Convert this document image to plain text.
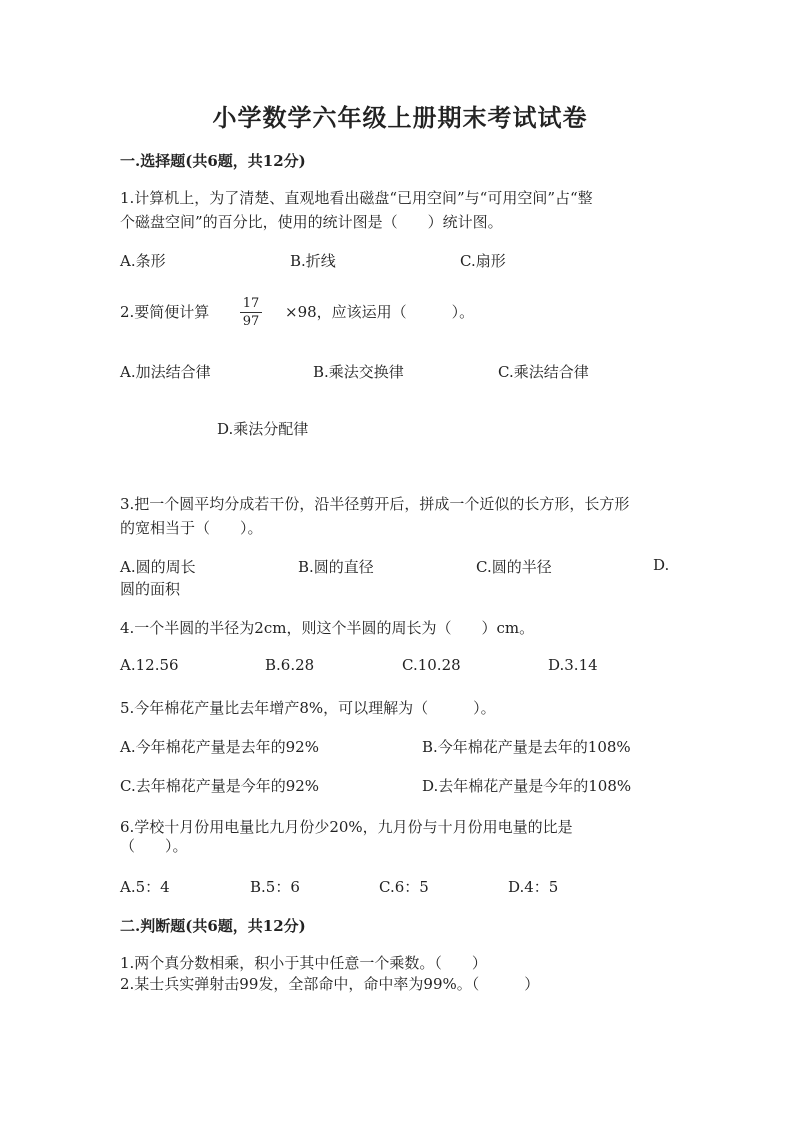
小学数学六年级上册期末考试试卷
一.选择题(共6题，共12分)
1.计算机上，为了清楚、直观地看出磁盘“已用空间”与“可用空间”占“整
个磁盘空间”的百分比，使用的统计图是（　　）统计图。
A.条形	B.折线	C.扇形
2.要简便计算 $\frac{17}{97} \times 98$，应该运用（　　　）。
A.加法结合律	B.乘法交换律	C.乘法结合律
D.乘法分配律
3.把一个圆平均分成若干份，沿半径剪开后，拼成一个近似的长方形，长方形
的宽相当于（　　）。
A.圆的周长	B.圆的直径	C.圆的半径	D.
圆的面积
4.一个半圆的半径为2cm，则这个半圆的周长为（　　）cm。
A.12.56	B.6.28	C.10.28	D.3.14
5.今年棉花产量比去年增产8%，可以理解为（　　　）。
A.今年棉花产量是去年的92%	B.今年棉花产量是去年的108%
C.去年棉花产量是今年的92%	D.去年棉花产量是今年的108%
6.学校十月份用电量比九月份少20%，九月份与十月份用电量的比是
（　　）。
A.5：4	B.5：6	C.6：5	D.4：5
二.判断题(共6题，共12分)
1.两个真分数相乘，积小于其中任意一个乘数。（　　）
2.某士兵实弹射击99发，全部命中，命中率为99%。（　　　）
